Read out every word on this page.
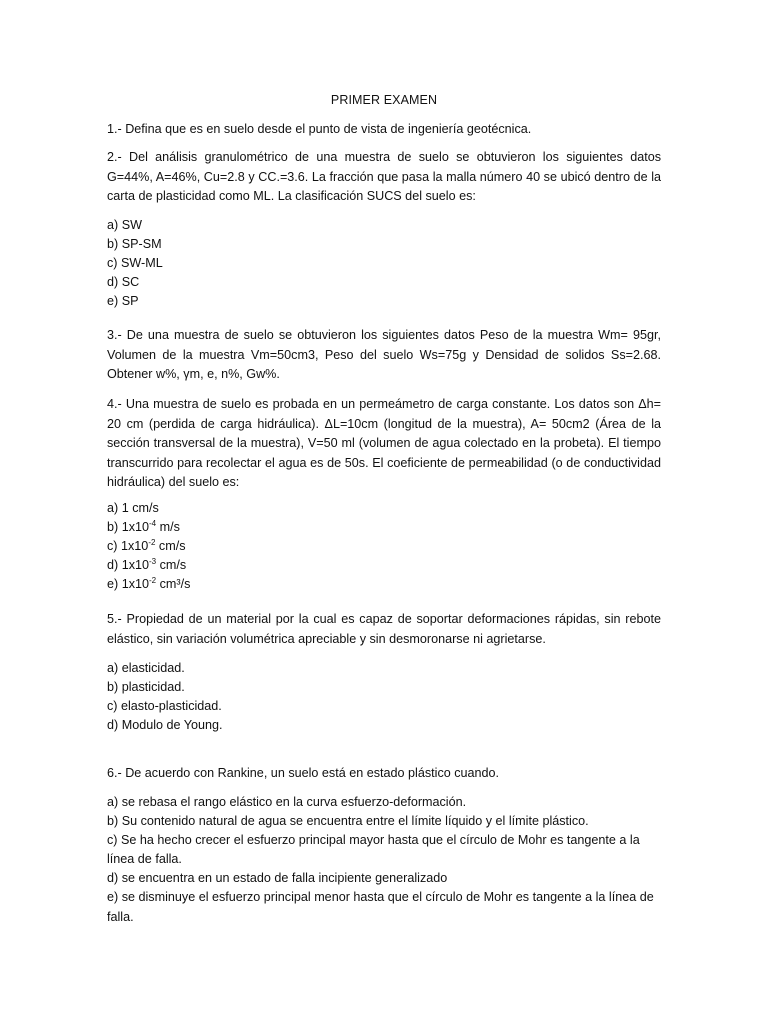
PRIMER EXAMEN

1.- Defina que es en suelo desde el punto de vista de ingeniería geotécnica.

2.- Del análisis granulométrico de una muestra de suelo se obtuvieron los siguientes datos G=44%, A=46%, Cu=2.8 y CC.=3.6. La fracción que pasa la malla número 40 se ubicó dentro de la carta de plasticidad como ML. La clasificación SUCS del suelo es:

a) SW
b) SP-SM
c) SW-ML
d) SC
e) SP

3.- De una muestra de suelo se obtuvieron los siguientes datos Peso de la muestra Wm= 95gr, Volumen de la muestra Vm=50cm3, Peso del suelo Ws=75g y Densidad de solidos Ss=2.68. Obtener w%, γm, e, n%, Gw%.

4.- Una muestra de suelo es probada en un permeámetro de carga constante. Los datos son Δh= 20 cm (perdida de carga hidráulica). ΔL=10cm (longitud de la muestra), A= 50cm2 (Área de la sección transversal de la muestra), V=50 ml (volumen de agua colectado en la probeta). El tiempo transcurrido para recolectar el agua es de 50s. El coeficiente de permeabilidad (o de conductividad hidráulica) del suelo es:

a) 1 cm/s
b) $1x10^{-4}$ m/s
c) $1x10^{-2}$ cm/s
d) $1x10^{-3}$ cm/s
e) $1x10^{-2}$ cm³/s

5.- Propiedad de un material por la cual es capaz de soportar deformaciones rápidas, sin rebote elástico, sin variación volumétrica apreciable y sin desmoronarse ni agrietarse.

a) elasticidad.
b) plasticidad.
c) elasto-plasticidad.
d) Modulo de Young.

6.- De acuerdo con Rankine, un suelo está en estado plástico cuando.

a) se rebasa el rango elástico en la curva esfuerzo-deformación.
b) Su contenido natural de agua se encuentra entre el límite líquido y el límite plástico.
c) Se ha hecho crecer el esfuerzo principal mayor hasta que el círculo de Mohr es tangente a la línea de falla.
d) se encuentra en un estado de falla incipiente generalizado
e) se disminuye el esfuerzo principal menor hasta que el círculo de Mohr es tangente a la línea de falla.
